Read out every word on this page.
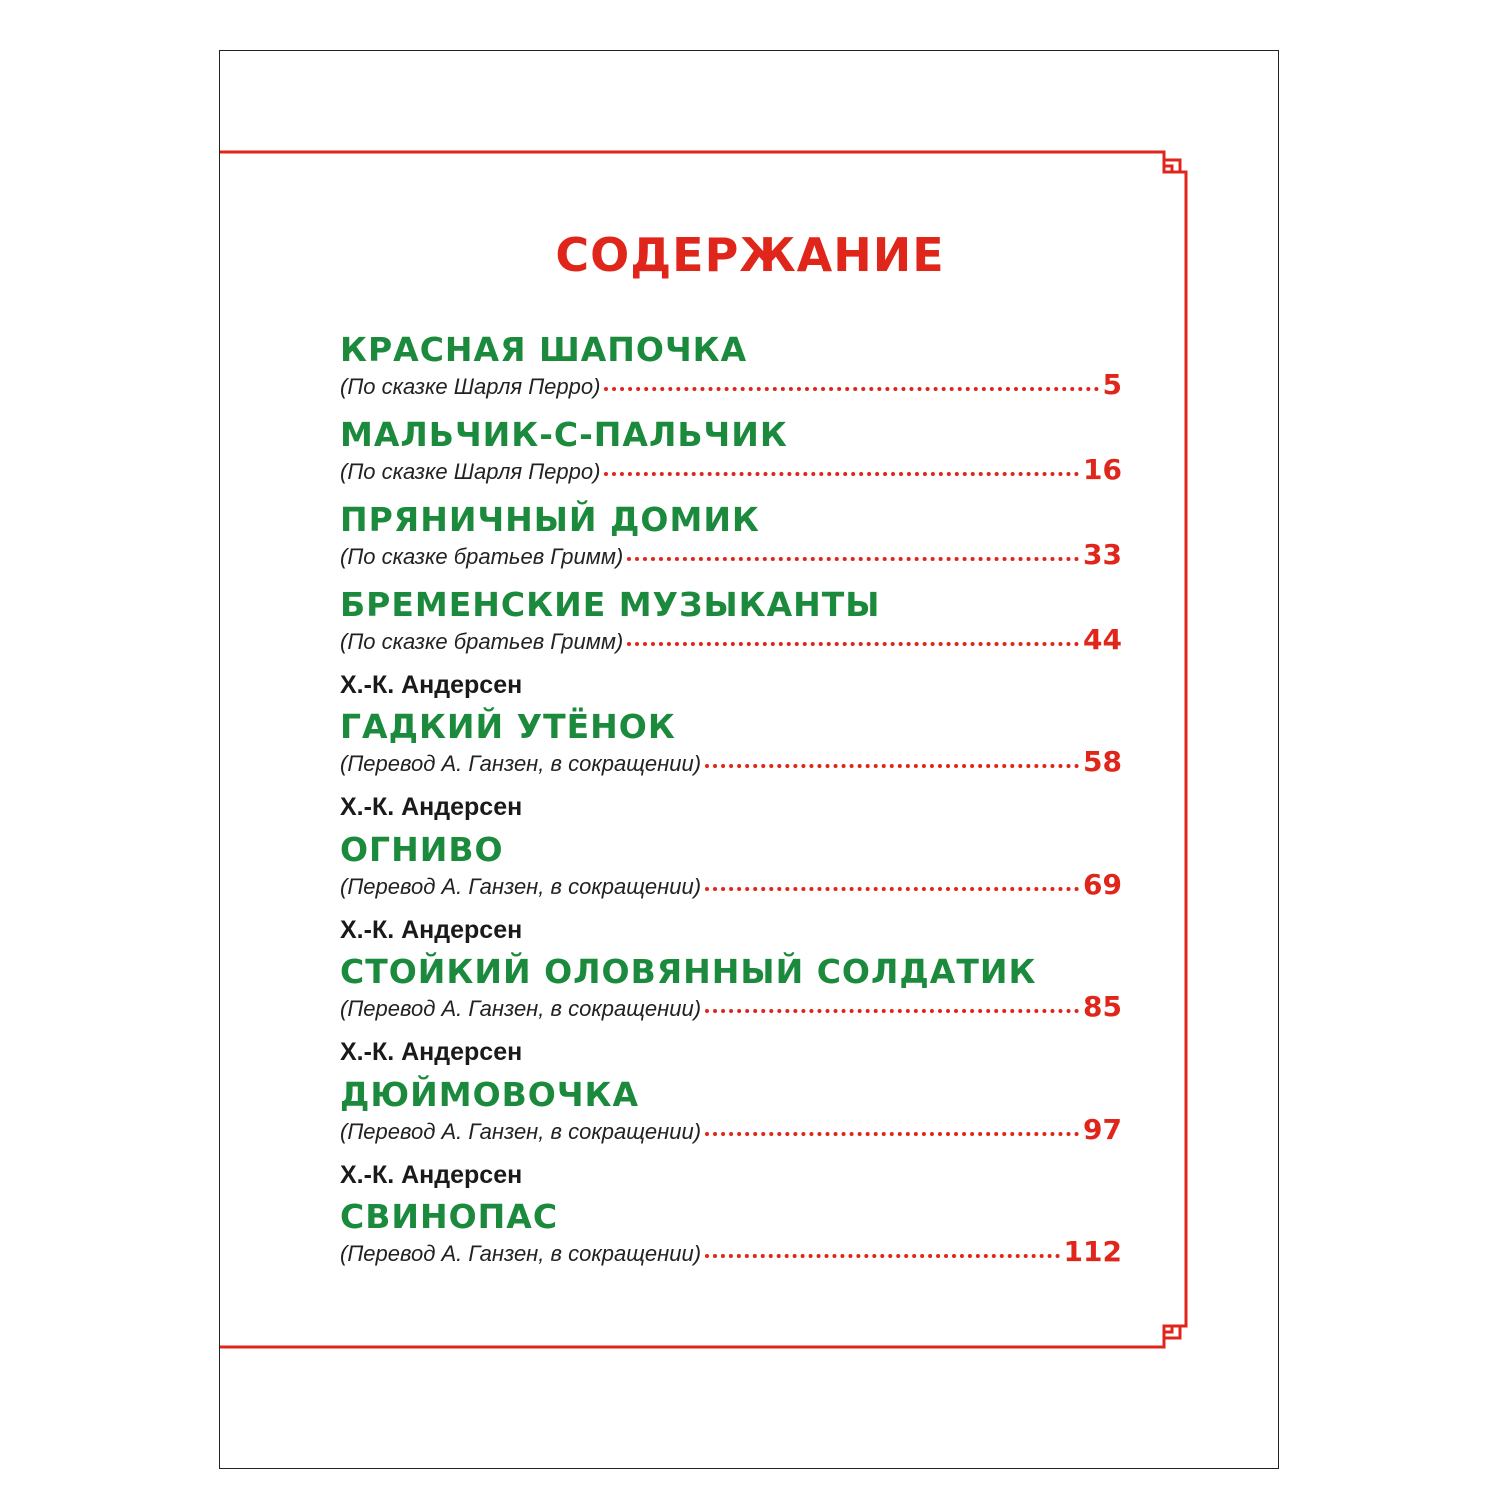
СОДЕРЖАНИЕ
КРАСНАЯ ШАПОЧКА
(По сказке Шарля Перро)	5
МАЛЬЧИК-С-ПАЛЬЧИК
(По сказке Шарля Перро)	16
ПРЯНИЧНЫЙ ДОМИК
(По сказке братьев Гримм)	33
БРЕМЕНСКИЕ МУЗЫКАНТЫ
(По сказке братьев Гримм)	44
Х.-К. Андерсен
ГАДКИЙ УТЁНОК
(Перевод А. Ганзен, в сокращении)	58
Х.-К. Андерсен
ОГНИВО
(Перевод А. Ганзен, в сокращении)	69
Х.-К. Андерсен
СТОЙКИЙ ОЛОВЯННЫЙ СОЛДАТИК
(Перевод А. Ганзен, в сокращении)	85
Х.-К. Андерсен
ДЮЙМОВОЧКА
(Перевод А. Ганзен, в сокращении)	97
Х.-К. Андерсен
СВИНОПАС
(Перевод А. Ганзен, в сокращении)	112
